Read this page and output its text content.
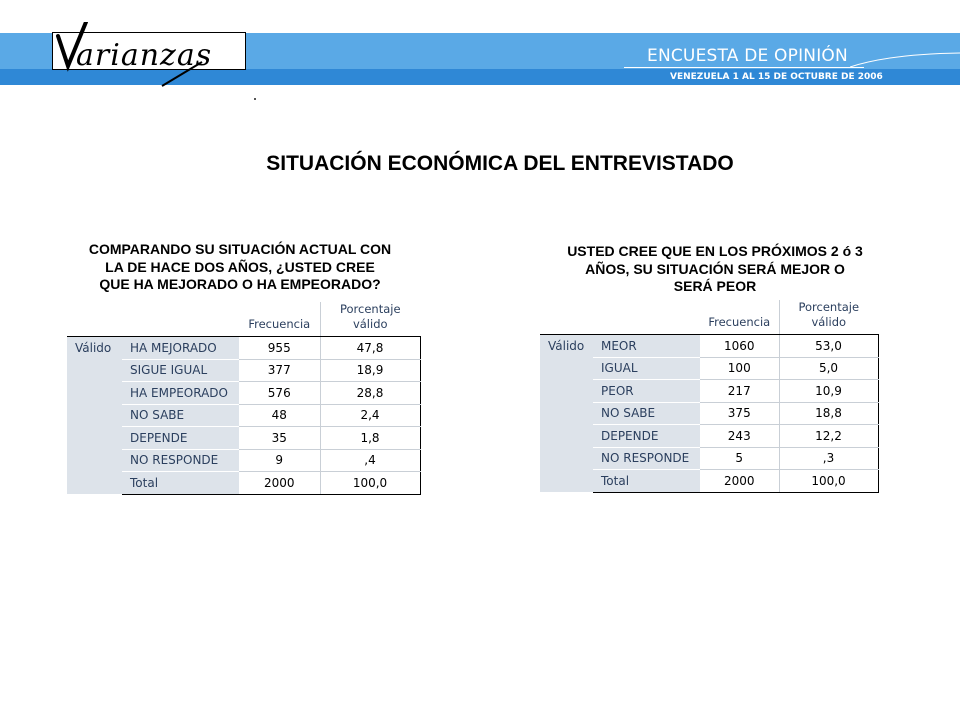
ENCUESTA DE OPINIÓN
VENEZUELA 1 AL 15 DE OCTUBRE DE 2006
arianzas
SITUACIÓN ECONÓMICA DEL ENTREVISTADO
COMPARANDO SU SITUACIÓN ACTUAL CON
LA DE HACE DOS AÑOS, ¿USTED CREE
QUE HA MEJORADO O HA EMPEORADO?
		Frecuencia	Porcentaje
válido

Válido	HA MEJORADO	955	47,8
	SIGUE IGUAL	377	18,9
	HA EMPEORADO	576	28,8
	NO SABE	48	2,4
	DEPENDE	35	1,8
	NO RESPONDE	9	,4
	Total	2000	100,0
USTED CREE QUE EN LOS PRÓXIMOS 2 ó 3
AÑOS, SU SITUACIÓN SERÁ MEJOR O
SERÁ PEOR
		Frecuencia	Porcentaje
válido

Válido	MEOR	1060	53,0
	IGUAL	100	5,0
	PEOR	217	10,9
	NO SABE	375	18,8
	DEPENDE	243	12,2
	NO RESPONDE	5	,3
	Total	2000	100,0
